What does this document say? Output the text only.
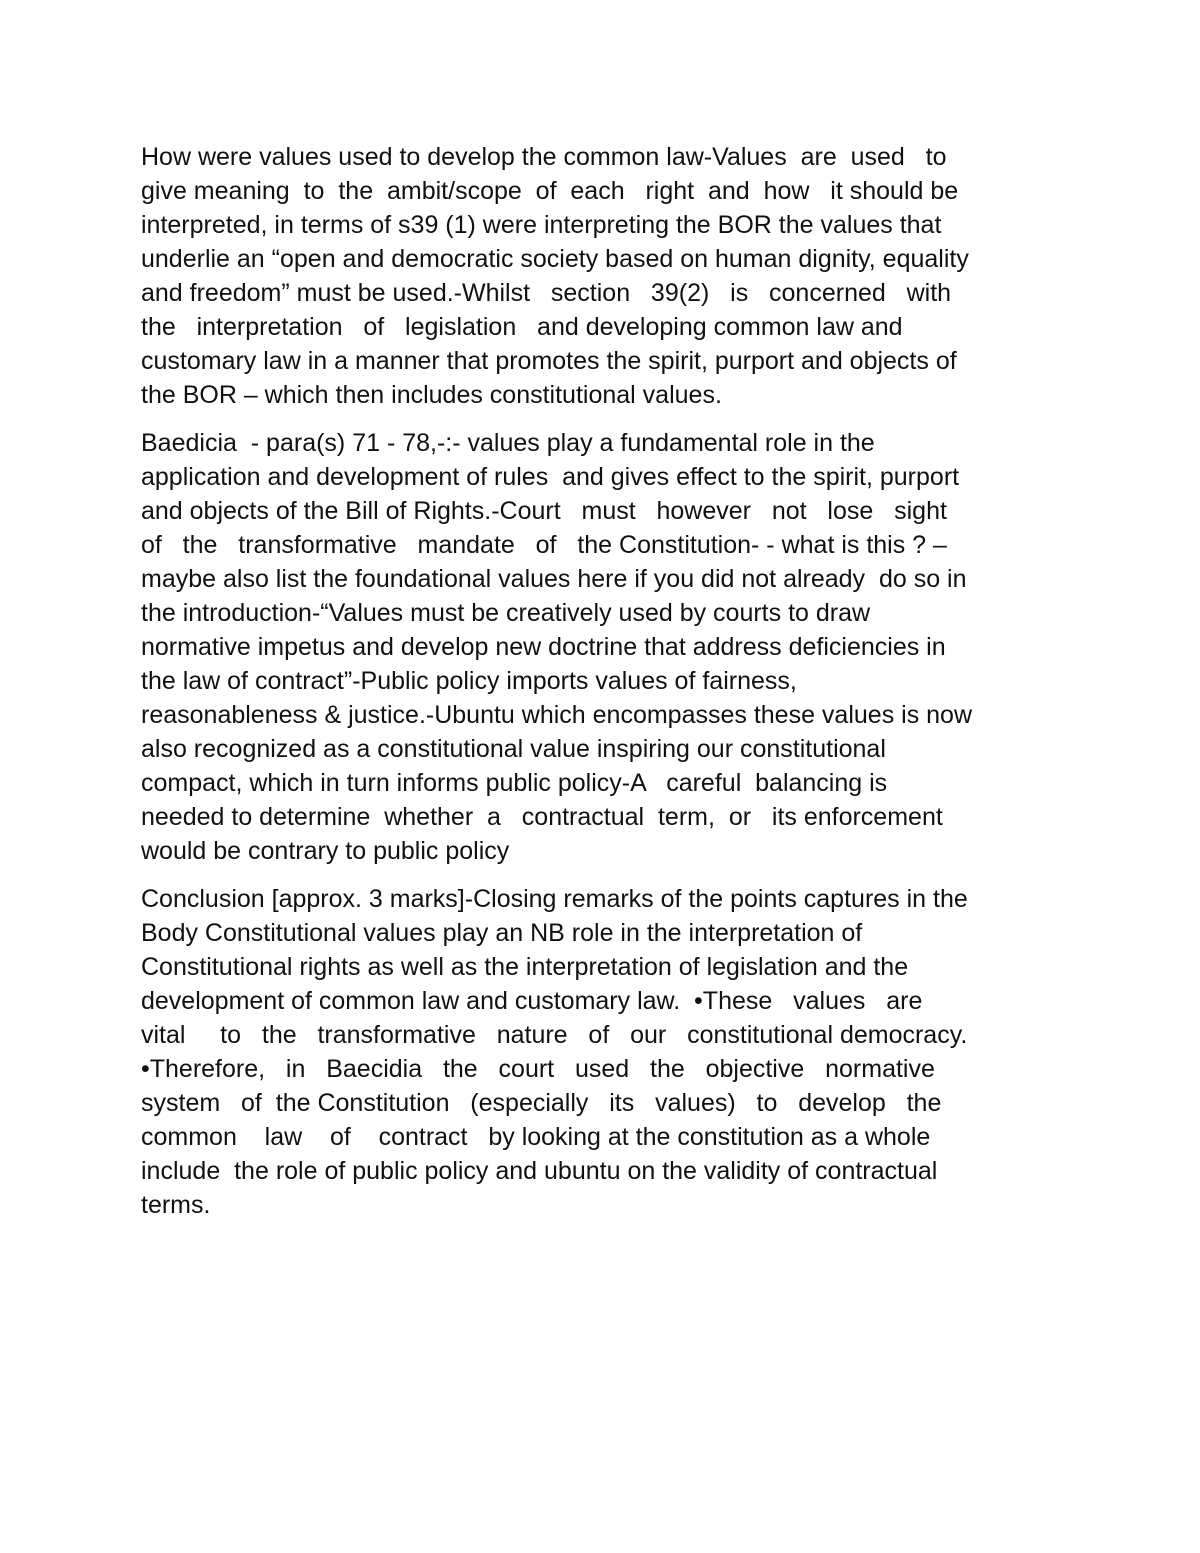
How were values used to develop the common law-Values  are  used   to
give meaning  to  the  ambit/scope  of  each   right  and  how   it should be
interpreted, in terms of s39 (1) were interpreting the BOR the values that
underlie an “open and democratic society based on human dignity, equality
and freedom” must be used.-Whilst   section   39(2)   is   concerned   with
the   interpretation   of   legislation   and developing common law and
customary law in a manner that promotes the spirit, purport and objects of
the BOR – which then includes constitutional values.
Baedicia  - para(s) 71 - 78,-:- values play a fundamental role in the
application and development of rules  and gives effect to the spirit, purport
and objects of the Bill of Rights.-Court   must   however   not   lose   sight
of   the   transformative   mandate   of   the Constitution- - what is this ? –
maybe also list the foundational values here if you did not already  do so in
the introduction-“Values must be creatively used by courts to draw
normative impetus and develop new doctrine that address deficiencies in
the law of contract”-Public policy imports values of fairness,
reasonableness & justice.-Ubuntu which encompasses these values is now
also recognized as a constitutional value inspiring our constitutional
compact, which in turn informs public policy-A   careful  balancing is
needed to determine  whether  a   contractual  term,  or   its enforcement
would be contrary to public policy
Conclusion [approx. 3 marks]-Closing remarks of the points captures in the
Body Constitutional values play an NB role in the interpretation of
Constitutional rights as well as the interpretation of legislation and the
development of common law and customary law.  •These   values   are
vital     to   the   transformative   nature   of   our   constitutional democracy.
•Therefore,   in   Baecidia   the   court   used   the   objective   normative
system   of  the Constitution   (especially   its   values)   to   develop   the
common    law    of    contract   by looking at the constitution as a whole
include  the role of public policy and ubuntu on the validity of contractual
terms.
